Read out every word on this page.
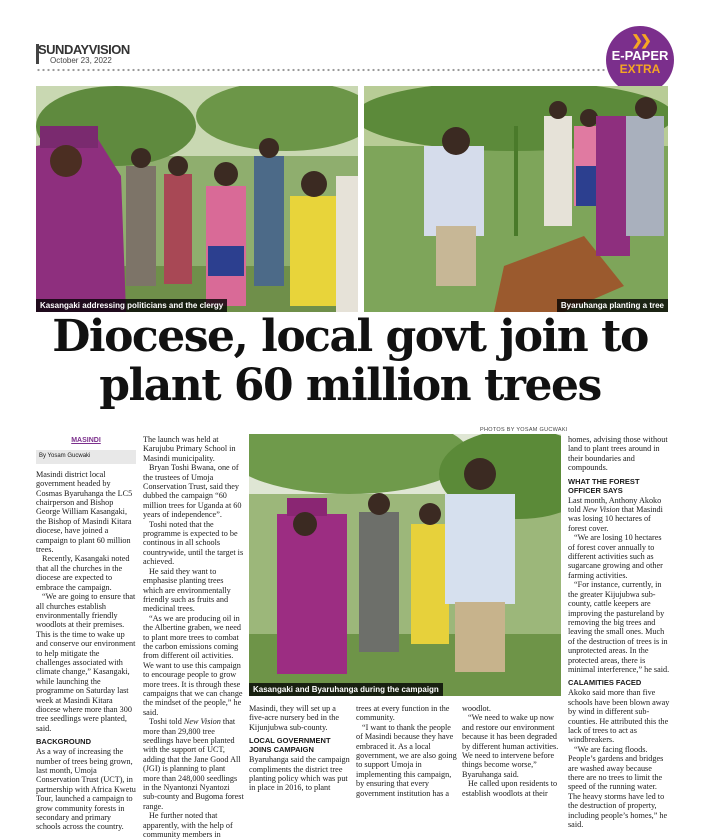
SUNDAYVISION
October 23, 2022
❯❯
E-PAPER
EXTRA
Kasangaki addressing politicians and the clergy	Byaruhanga planting a tree
Diocese, local govt join to
plant 60 million trees
PHOTOS BY YOSAM GUCWAKI
Kasangaki and Byaruhanga during the campaign
MASINDI
By Yosam Gucwaki

Masindi district local government headed by Cosmas Byaruhanga the LC5 chairperson and Bishop George William Kasangaki, the Bishop of Masindi Kitara diocese, have joined a campaign to plant 60 million trees.

Recently, Kasangaki noted that all the churches in the diocese are expected to embrace the campaign.

“We are going to ensure that all churches establish environmentally friendly woodlots at their premises. This is the time to wake up and conserve our environment to help mitigate the challenges associated with climate change,” Kasangaki, while launching the programme on Saturday last week at Masindi Kitara diocese where more than 300 tree seedlings were planted, said.

BACKGROUND

As a way of increasing the number of trees being grown, last month, Umoja Conservation Trust (UCT), in partnership with Africa Kwetu Tour, launched a campaign to grow community forests in secondary and primary schools across the country.

The launch was held at Karujubu Primary School in Masindi municipality.

Bryan Toshi Bwana, one of the trustees of Umoja Conservation Trust, said they dubbed the campaign “60 million trees for Uganda at 60 years of independence”.

Toshi noted that the programme is expected to be continous in all schools countrywide, until the target is achieved.

He said they want to emphasise planting trees which are environmentally friendly such as fruits and medicinal trees.

“As we are producing oil in the Albertine graben, we need to plant more trees to combat the carbon emissions coming from different oil activities. We want to use this campaign to encourage people to grow more trees. It is through these campaigns that we can change the mindset of the people,” he said.

Toshi told New Vision that more than 29,800 tree seedlings have been planted with the support of UCT, adding that the Jane Good All (JGI) is planning to plant more than 248,000 seedlings in the Nyantonzi Nyantozi sub-county and Bugoma forest range.

He further noted that apparently, with the help of community members in

Masindi, they will set up a five-acre nursery bed in the Kijunjubwa sub-county.

LOCAL GOVERNMENT JOINS CAMPAIGN

Byaruhanga said the campaign compliments the district tree planting policy which was put in place in 2016, to plant

trees at every function in the community.

“I want to thank the people of Masindi because they have embraced it. As a local government, we are also going to support Umoja in implementing this campaign, by ensuring that every government institution has a

woodlot.

“We need to wake up now and restore our environment because it has been degraded by different human activities. We need to intervene before things become worse,” Byaruhanga said.

He called upon residents to establish woodlots at their

homes, advising those without land to plant trees around in their boundaries and compounds.

WHAT THE FOREST OFFICER SAYS

Last month, Anthony Akoko told New Vision that Masindi was losing 10 hectares of forest cover.

“We are losing 10 hectares of forest cover annually to different activities such as sugarcane growing and other farming activities.

“For instance, currently, in the greater Kijujubwa sub-county, cattle keepers are improving the pastureland by removing the big trees and leaving the small ones. Much of the destruction of trees is in unprotected areas. In the protected areas, there is minimal interference,” he said.

CALAMITIES FACED

Akoko said more than five schools have been blown away by wind in different sub-counties. He attributed this the lack of trees to act as windbreakers.

“We are facing floods. People’s gardens and bridges are washed away because there are no trees to limit the speed of the running water. The heavy storms have led to the destruction of property, including people’s homes,” he said.
